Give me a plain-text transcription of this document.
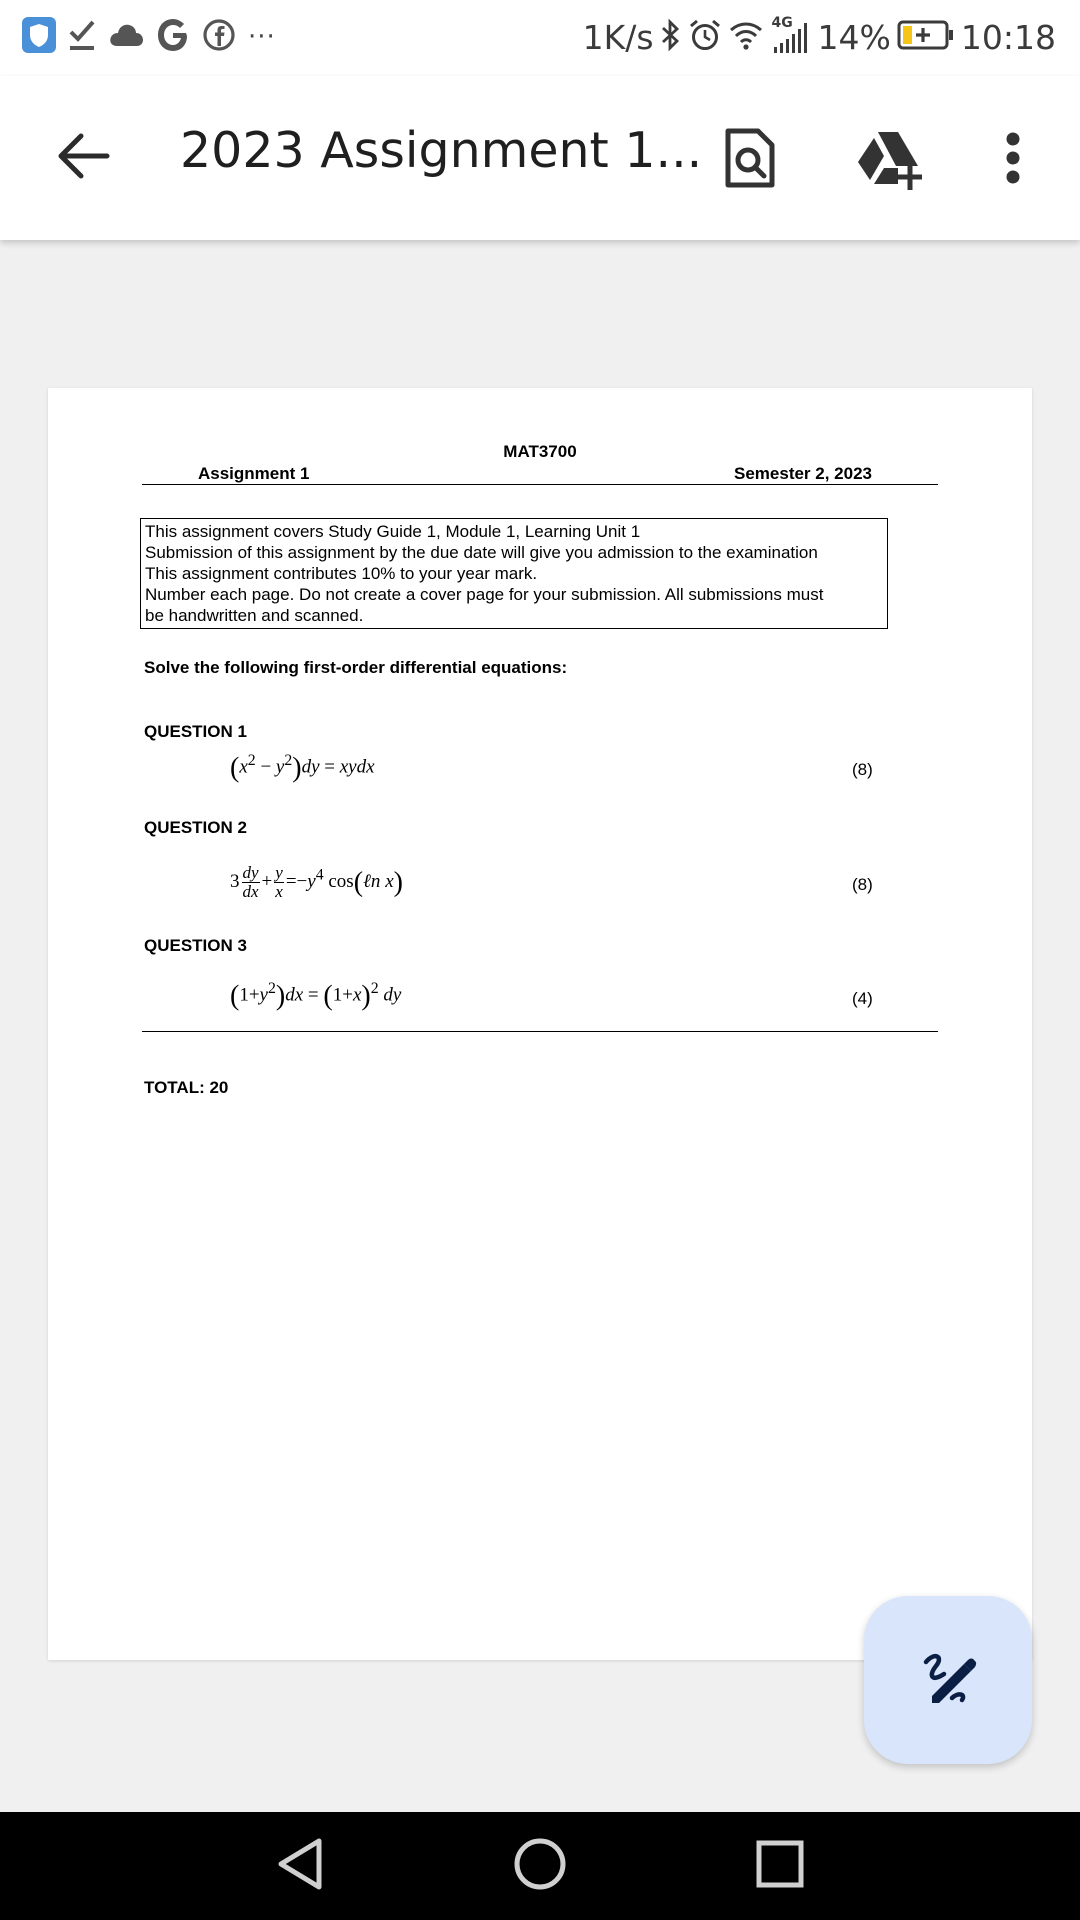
···	1K/s	4G 14% 10:18
2023 Assignment 1...
MAT3700
Assignment 1	Semester 2, 2023
This assignment covers Study Guide 1, Module 1, Learning Unit 1
Submission of this assignment by the due date will give you admission to the examination
This assignment contributes 10% to your year mark.
Number each page. Do not create a cover page for your submission. All submissions must
be handwritten and scanned.
Solve the following first-order differential equations:
QUESTION 1
$(x^2 - y^2)dy$ = xydx	(8)
QUESTION 2
$3 \frac{dy}{dx} + \frac{y}{x} =-y^4$ cos(ℓn x)	(8)
QUESTION 3
$(1+y^2)dx = (1+x)^2$ dy	(4)
TOTAL: 20
